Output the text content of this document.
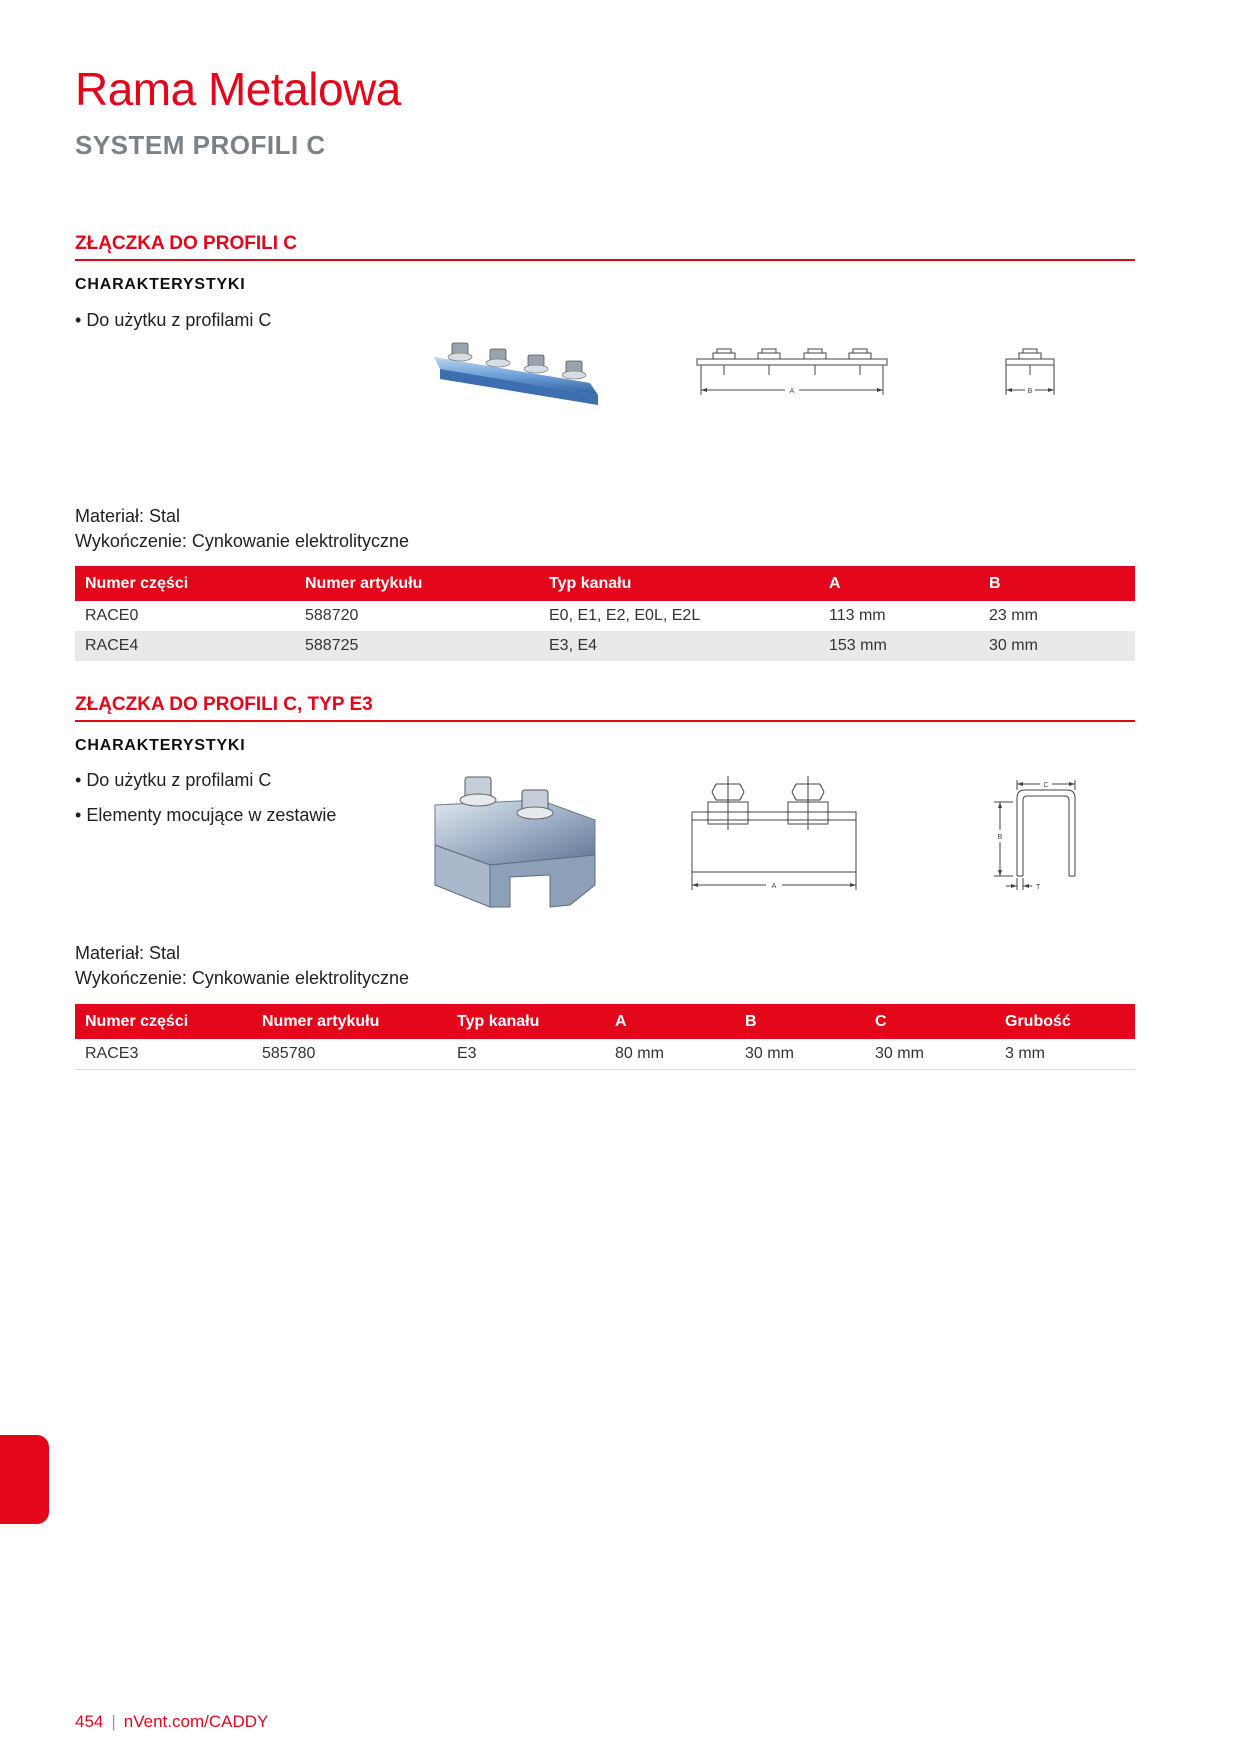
Rama Metalowa
SYSTEM PROFILI C
ZŁĄCZKA DO PROFILI C
CHARAKTERYSTYKI
• Do użytku z profilami C
A	B
Materiał: Stal
Wykończenie: Cynkowanie elektrolityczne
Numer części	Numer artykułu	Typ kanału	A	B
RACE0	588720	E0, E1, E2, E0L, E2L	113 mm	23 mm
RACE4	588725	E3, E4	153 mm	30 mm
ZŁĄCZKA DO PROFILI C, TYP E3
CHARAKTERYSTYKI
• Do użytku z profilami C
• Elementy mocujące w zestawie
A
C
B
T
Materiał: Stal
Wykończenie: Cynkowanie elektrolityczne
Numer części	Numer artykułu	Typ kanału	A	B	C	Grubość
RACE3	585780	E3	80 mm	30 mm	30 mm	3 mm
454 | nVent.com/CADDY
